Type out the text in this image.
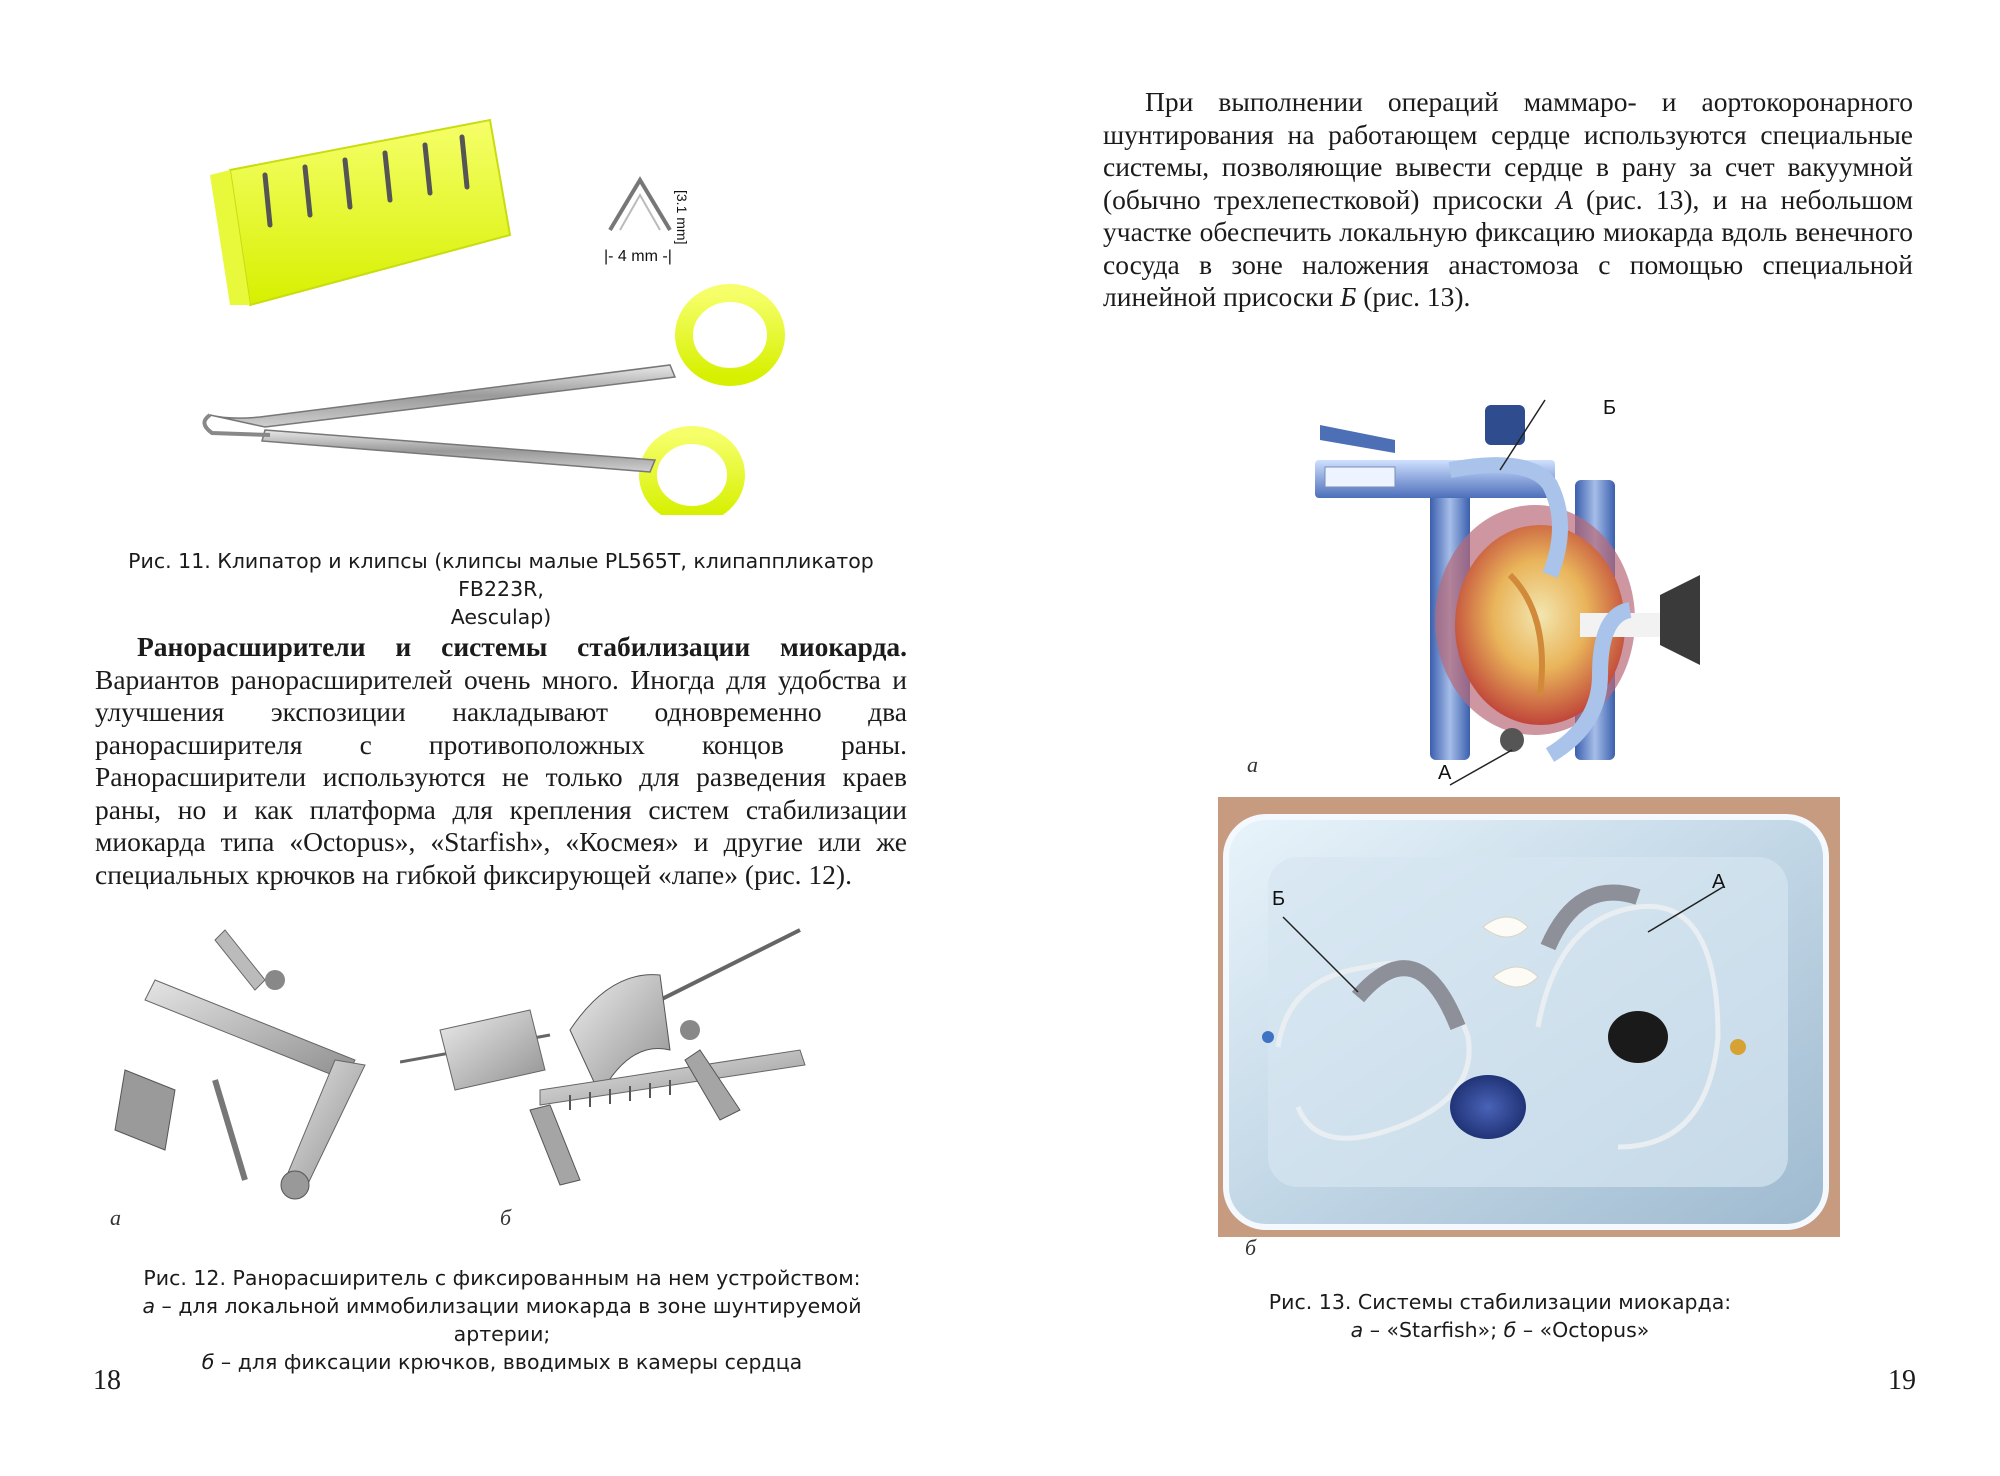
[3.1 mm]
|- 4 mm -|
Рис. 11. Клипатор и клипсы (клипсы малые PL565T, клипаппликатор FB223R,
Aesculap)
Ранорасширители и системы стабилизации миокарда. Вариантов ранорасширителей очень много. Иногда для удобства и улучшения экспозиции накладывают одновременно два ранорасширителя с противоположных концов раны. Ранорасширители используются не только для разведения краев раны, но и как платформа для крепления систем стабилизации миокарда типа «Octopus», «Starfish», «Космея» и другие или же специальных крючков на гибкой фиксирующей «лапе» (рис. 12).
а	б
Рис. 12. Ранорасширитель с фиксированным на нем устройством:
а – для локальной иммобилизации миокарда в зоне шунтируемой артерии;
б – для фиксации крючков, вводимых в камеры сердца
18
При выполнении операций маммаро- и аортокоронарного шунтирования на работающем сердце используются специальные системы, позволяющие вывести сердце в рану за счет вакуумной (обычно трехлепестковой) присоски А (рис. 13), и на небольшом участке обеспечить локальную фиксацию миокарда вдоль венечного сосуда в зоне наложения анастомоза с помощью специальной линейной присоски Б (рис. 13).
Б
А
а
Б
А
б
Рис. 13. Системы стабилизации миокарда:
а – «Starfish»; б – «Octopus»
19
